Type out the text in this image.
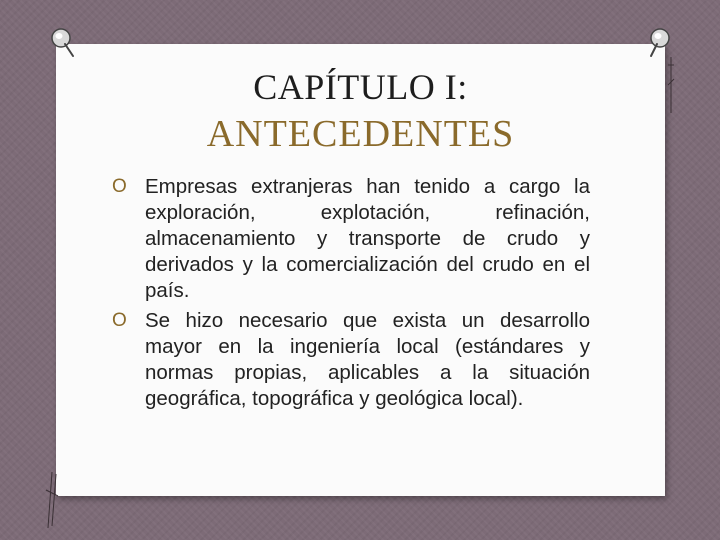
CAPÍTULO I:
ANTECEDENTES

O Empresas extranjeras han tenido a cargo la exploración, explotación, refinación, almacenamiento y transporte de crudo y derivados y la comercialización del crudo en el país.

O Se hizo necesario que exista un desarrollo mayor en la ingeniería local (estándares y normas propias, aplicables a la situación geográfica, topográfica y geológica local).
